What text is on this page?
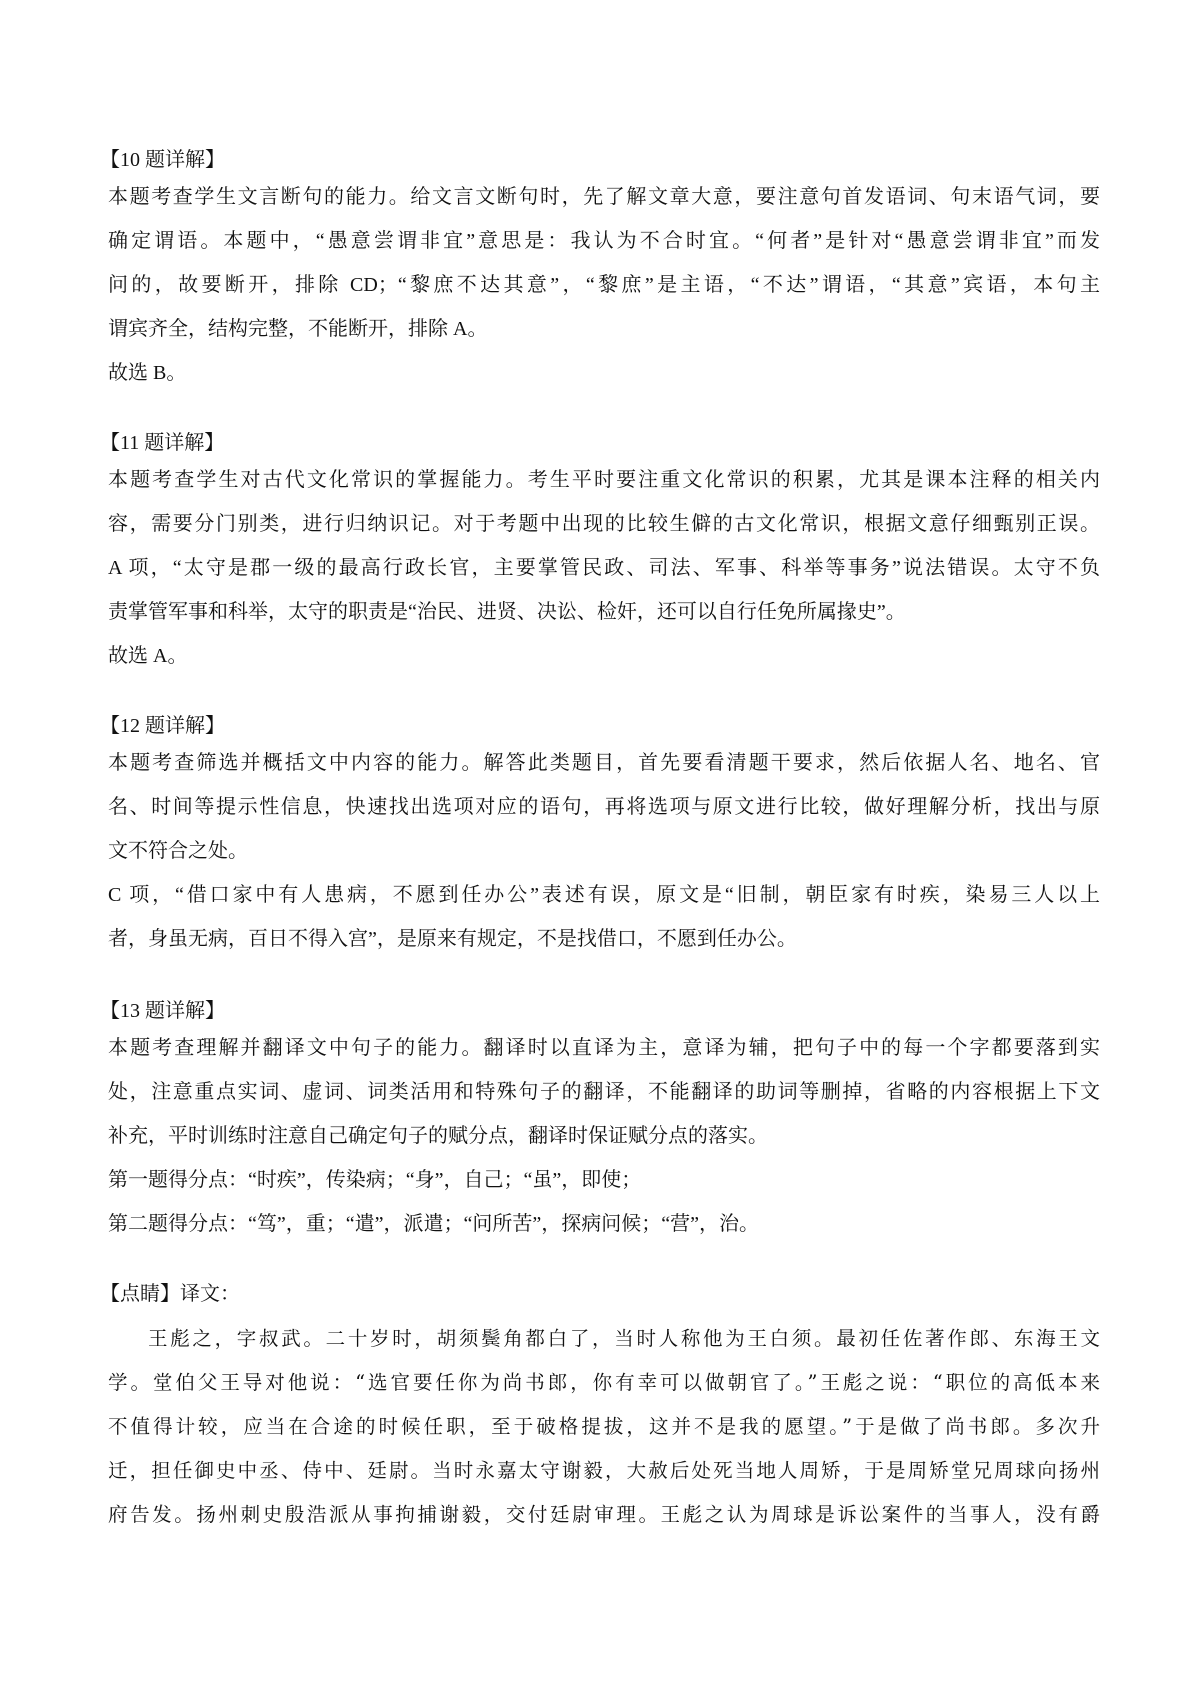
【10 题详解】
本题考查学生文言断句的能力。给文言文断句时，先了解文章大意，要注意句首发语词、句末语气词，要
确定谓语。本题中，“愚意尝谓非宜”意思是：我认为不合时宜。“何者”是针对“愚意尝谓非宜”而发
问的，故要断开，排除 CD；“黎庶不达其意”，“黎庶”是主语，“不达”谓语，“其意”宾语，本句主
谓宾齐全，结构完整，不能断开，排除 A。
故选 B。
【11 题详解】
本题考查学生对古代文化常识的掌握能力。考生平时要注重文化常识的积累，尤其是课本注释的相关内
容，需要分门别类，进行归纳识记。对于考题中出现的比较生僻的古文化常识，根据文意仔细甄别正误。
A 项，“太守是郡一级的最高行政长官，主要掌管民政、司法、军事、科举等事务”说法错误。太守不负
责掌管军事和科举，太守的职责是“治民、进贤、决讼、检奸，还可以自行任免所属掾史”。
故选 A。
【12 题详解】
本题考查筛选并概括文中内容的能力。解答此类题目，首先要看清题干要求，然后依据人名、地名、官
名、时间等提示性信息，快速找出选项对应的语句，再将选项与原文进行比较，做好理解分析，找出与原
文不符合之处。
C 项，“借口家中有人患病，不愿到任办公”表述有误，原文是“旧制，朝臣家有时疾，染易三人以上
者，身虽无病，百日不得入宫”，是原来有规定，不是找借口，不愿到任办公。
【13 题详解】
本题考查理解并翻译文中句子的能力。翻译时以直译为主，意译为辅，把句子中的每一个字都要落到实
处，注意重点实词、虚词、词类活用和特殊句子的翻译，不能翻译的助词等删掉，省略的内容根据上下文
补充，平时训练时注意自己确定句子的赋分点，翻译时保证赋分点的落实。
第一题得分点：“时疾”，传染病；“身”，自己；“虽”，即使；
第二题得分点：“笃”，重；“遣”，派遣；“问所苦”，探病问候；“营”，治。
【点睛】译文：
王彪之，字叔武。二十岁时，胡须鬓角都白了，当时人称他为王白须。最初任佐著作郎、东海王文
学。堂伯父王导对他说：“选官要任你为尚书郎，你有幸可以做朝官了。”王彪之说：“职位的高低本来
不值得计较，应当在合途的时候任职，至于破格提拔，这并不是我的愿望。”于是做了尚书郎。多次升
迁，担任御史中丞、侍中、廷尉。当时永嘉太守谢毅，大赦后处死当地人周矫，于是周矫堂兄周球向扬州
府告发。扬州刺史殷浩派从事拘捕谢毅，交付廷尉审理。王彪之认为周球是诉讼案件的当事人，没有爵
